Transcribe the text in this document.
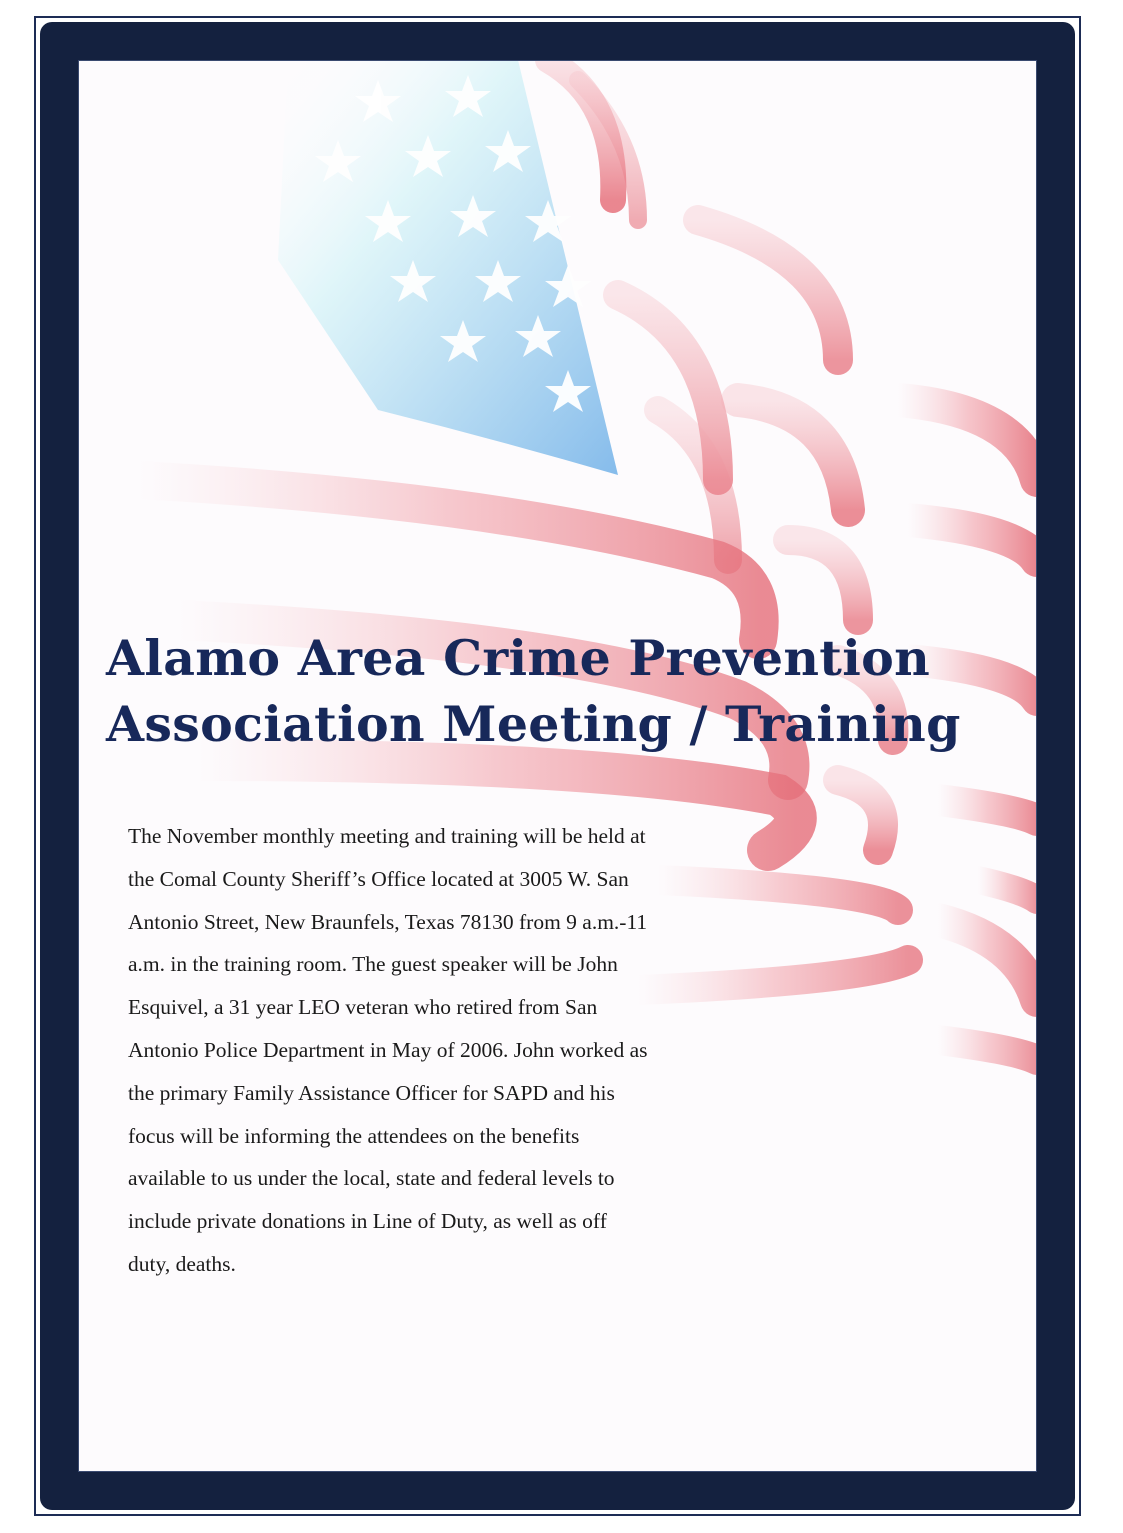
Alamo Area Crime Prevention
Association Meeting / Training

The November monthly meeting and training will be held at the Comal County Sheriff’s Office located at 3005 W. San Antonio Street, New Braunfels, Texas 78130 from 9 a.m.-11 a.m. in the training room. The guest speaker will be John Esquivel, a 31 year LEO veteran who retired from San Antonio Police Department in May of 2006. John worked as the primary Family Assistance Officer for SAPD and his focus will be informing the attendees on the benefits available to us under the local, state and federal levels to include private donations in Line of Duty, as well as off duty, deaths.
